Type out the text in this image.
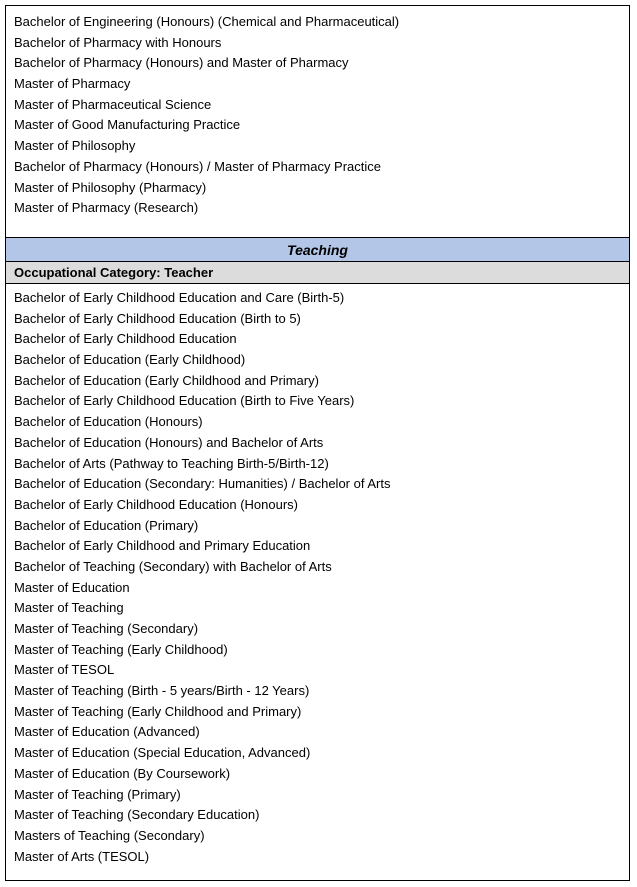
Bachelor of Engineering (Honours) (Chemical and Pharmaceutical)
Bachelor of Pharmacy with Honours
Bachelor of Pharmacy (Honours) and Master of Pharmacy
Master of Pharmacy
Master of Pharmaceutical Science
Master of Good Manufacturing Practice
Master of Philosophy
Bachelor of Pharmacy (Honours) / Master of Pharmacy Practice
Master of Philosophy (Pharmacy)
Master of Pharmacy (Research)
Teaching
Occupational Category: Teacher
Bachelor of Early Childhood Education and Care (Birth-5)
Bachelor of Early Childhood Education (Birth to 5)
Bachelor of Early Childhood Education
Bachelor of Education (Early Childhood)
Bachelor of Education (Early Childhood and Primary)
Bachelor of Early Childhood Education (Birth to Five Years)
Bachelor of Education (Honours)
Bachelor of Education (Honours) and Bachelor of Arts
Bachelor of Arts (Pathway to Teaching Birth-5/Birth-12)
Bachelor of Education (Secondary: Humanities) / Bachelor of Arts
Bachelor of Early Childhood Education (Honours)
Bachelor of Education (Primary)
Bachelor of Early Childhood and Primary Education
Bachelor of Teaching (Secondary) with Bachelor of Arts
Master of Education
Master of Teaching
Master of Teaching (Secondary)
Master of Teaching (Early Childhood)
Master of TESOL
Master of Teaching (Birth - 5 years/Birth - 12 Years)
Master of Teaching (Early Childhood and Primary)
Master of Education (Advanced)
Master of Education (Special Education, Advanced)
Master of Education (By Coursework)
Master of Teaching (Primary)
Master of Teaching (Secondary Education)
Masters of Teaching (Secondary)
Master of Arts (TESOL)
